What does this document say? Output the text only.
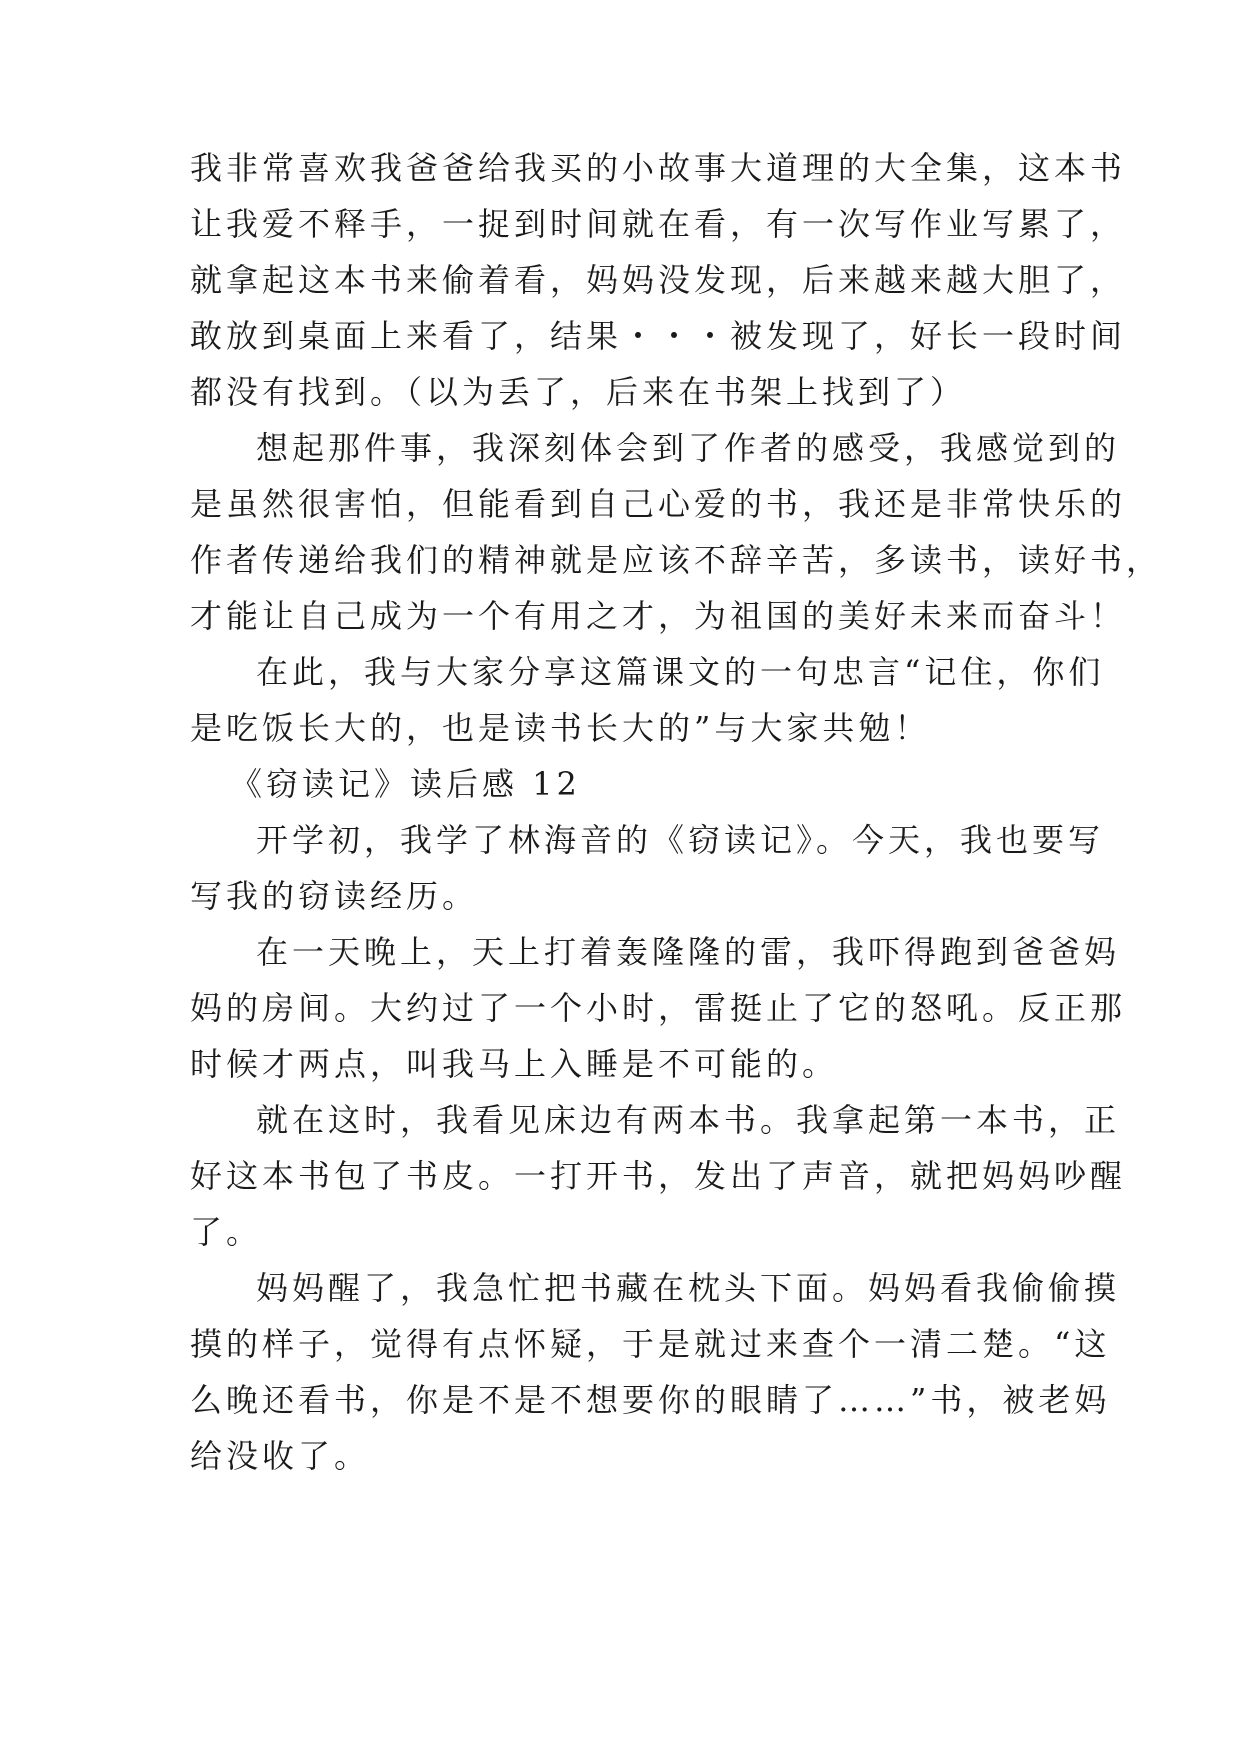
我非常喜欢我爸爸给我买的小故事大道理的大全集，这本书
让我爱不释手，一捉到时间就在看，有一次写作业写累了，
就拿起这本书来偷着看，妈妈没发现，后来越来越大胆了，
敢放到桌面上来看了，结果・・・被发现了，好长一段时间
都没有找到。（以为丢了，后来在书架上找到了）
想起那件事，我深刻体会到了作者的感受，我感觉到的
是虽然很害怕，但能看到自己心爱的书，我还是非常快乐的
作者传递给我们的精神就是应该不辞辛苦，多读书，读好书，
才能让自己成为一个有用之才，为祖国的美好未来而奋斗！
在此，我与大家分享这篇课文的一句忠言“记住，你们
是吃饭长大的，也是读书长大的”与大家共勉！
《窃读记》读后感 12
开学初，我学了林海音的《窃读记》。今天，我也要写
写我的窃读经历。
在一天晚上，天上打着轰隆隆的雷，我吓得跑到爸爸妈
妈的房间。大约过了一个小时，雷挺止了它的怒吼。反正那
时候才两点，叫我马上入睡是不可能的。
就在这时，我看见床边有两本书。我拿起第一本书，正
好这本书包了书皮。一打开书，发出了声音，就把妈妈吵醒
了。
妈妈醒了，我急忙把书藏在枕头下面。妈妈看我偷偷摸
摸的样子，觉得有点怀疑，于是就过来查个一清二楚。“这
么晚还看书，你是不是不想要你的眼睛了……”书，被老妈
给没收了。
